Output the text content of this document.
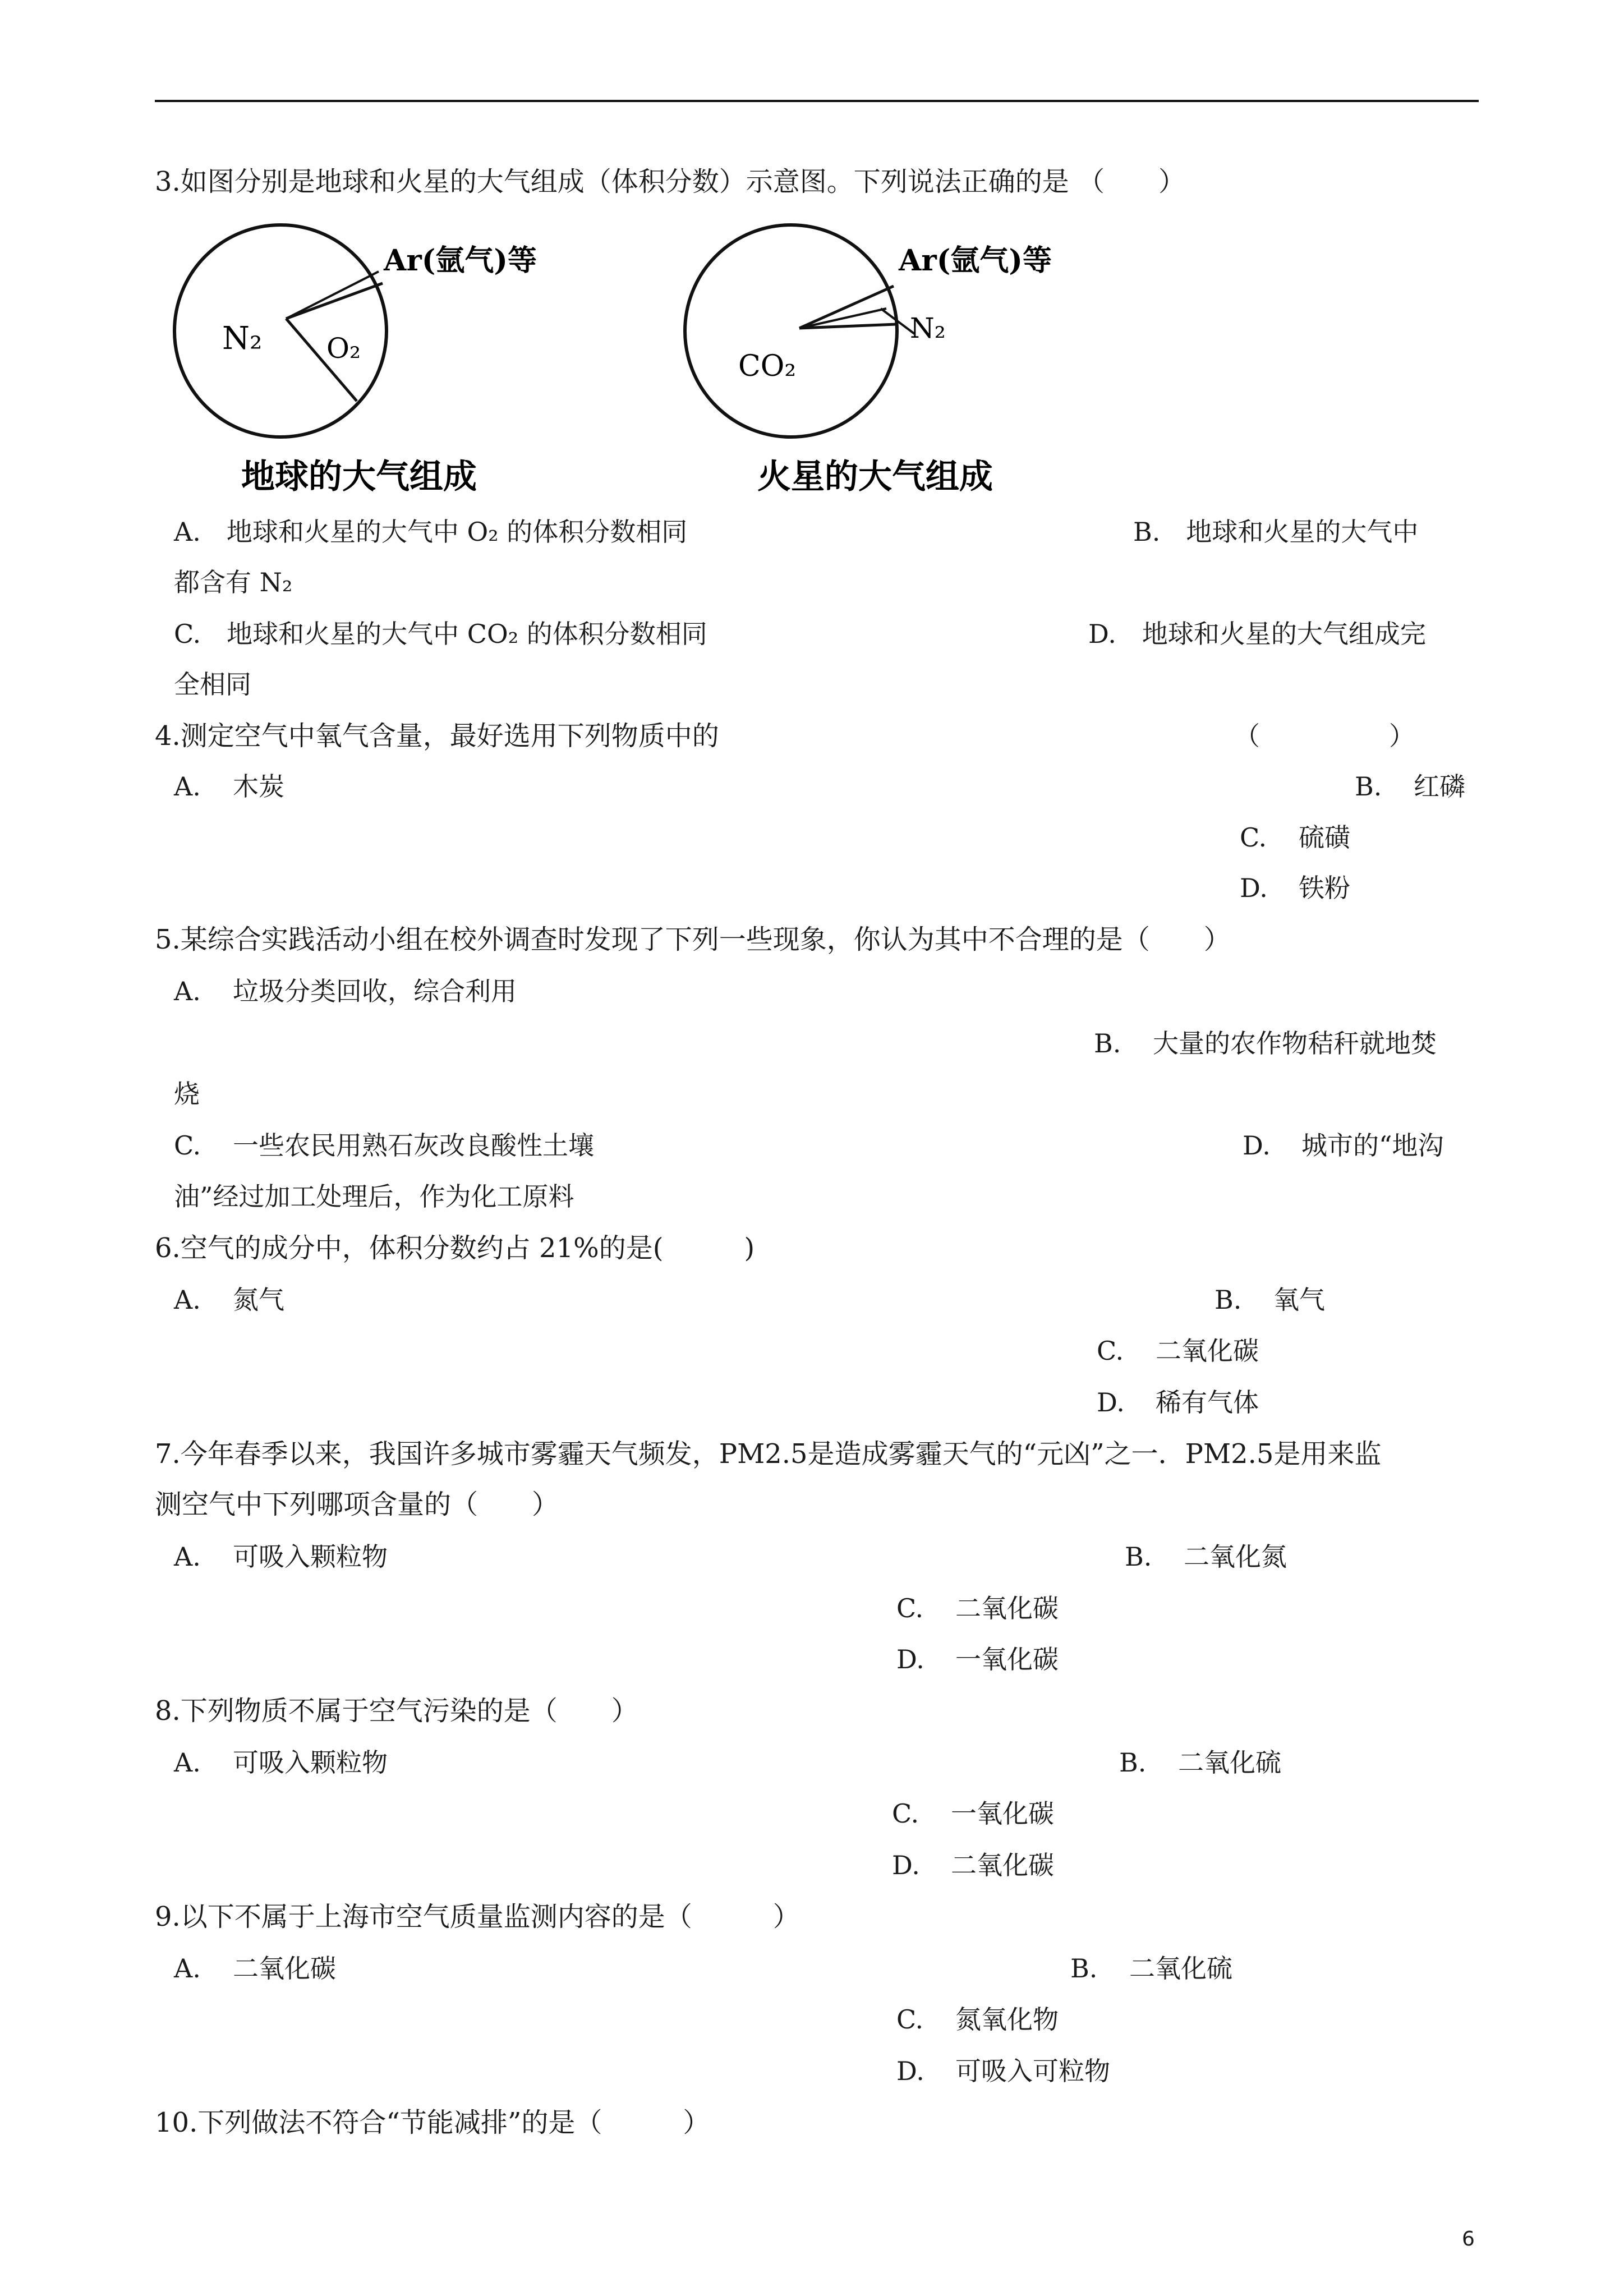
3.如图分别是地球和火星的大气组成（体积分数）示意图。下列说法正确的是 （　　）
N₂ O₂
Ar(氩气)等
地球的大气组成
CO₂
N₂
Ar(氩气)等
火星的大气组成
A.　地球和火星的大气中 O₂ 的体积分数相同	B.　地球和火星的大气中
都含有 N₂
C.　地球和火星的大气中 CO₂ 的体积分数相同	D.　地球和火星的大气组成完
全相同
4.测定空气中氧气含量，最好选用下列物质中的	（　　　　　）
A. 木炭	B. 红磷
C. 硫磺
D. 铁粉
5.某综合实践活动小组在校外调查时发现了下列一些现象，你认为其中不合理的是（　　）
A. 垃圾分类回收，综合利用
B. 大量的农作物秸秆就地焚
烧
C. 一些农民用熟石灰改良酸性土壤	D. 城市的“地沟
油”经过加工处理后，作为化工原料
6.空气的成分中，体积分数约占 21%的是(　　　)
A. 氮气	B. 氧气
C. 二氧化碳
D. 稀有气体
7.今年春季以来，我国许多城市雾霾天气频发，PM2.5是造成雾霾天气的“元凶”之一．PM2.5是用来监
测空气中下列哪项含量的（　　）
A. 可吸入颗粒物	B. 二氧化氮
C. 二氧化碳
D. 一氧化碳
8.下列物质不属于空气污染的是（　　）
A. 可吸入颗粒物	B. 二氧化硫
C. 一氧化碳
D. 二氧化碳
9.以下不属于上海市空气质量监测内容的是（　　　）
A. 二氧化碳	B. 二氧化硫
C. 氮氧化物
D. 可吸入可粒物
10.下列做法不符合“节能减排”的是（　　　）
6
